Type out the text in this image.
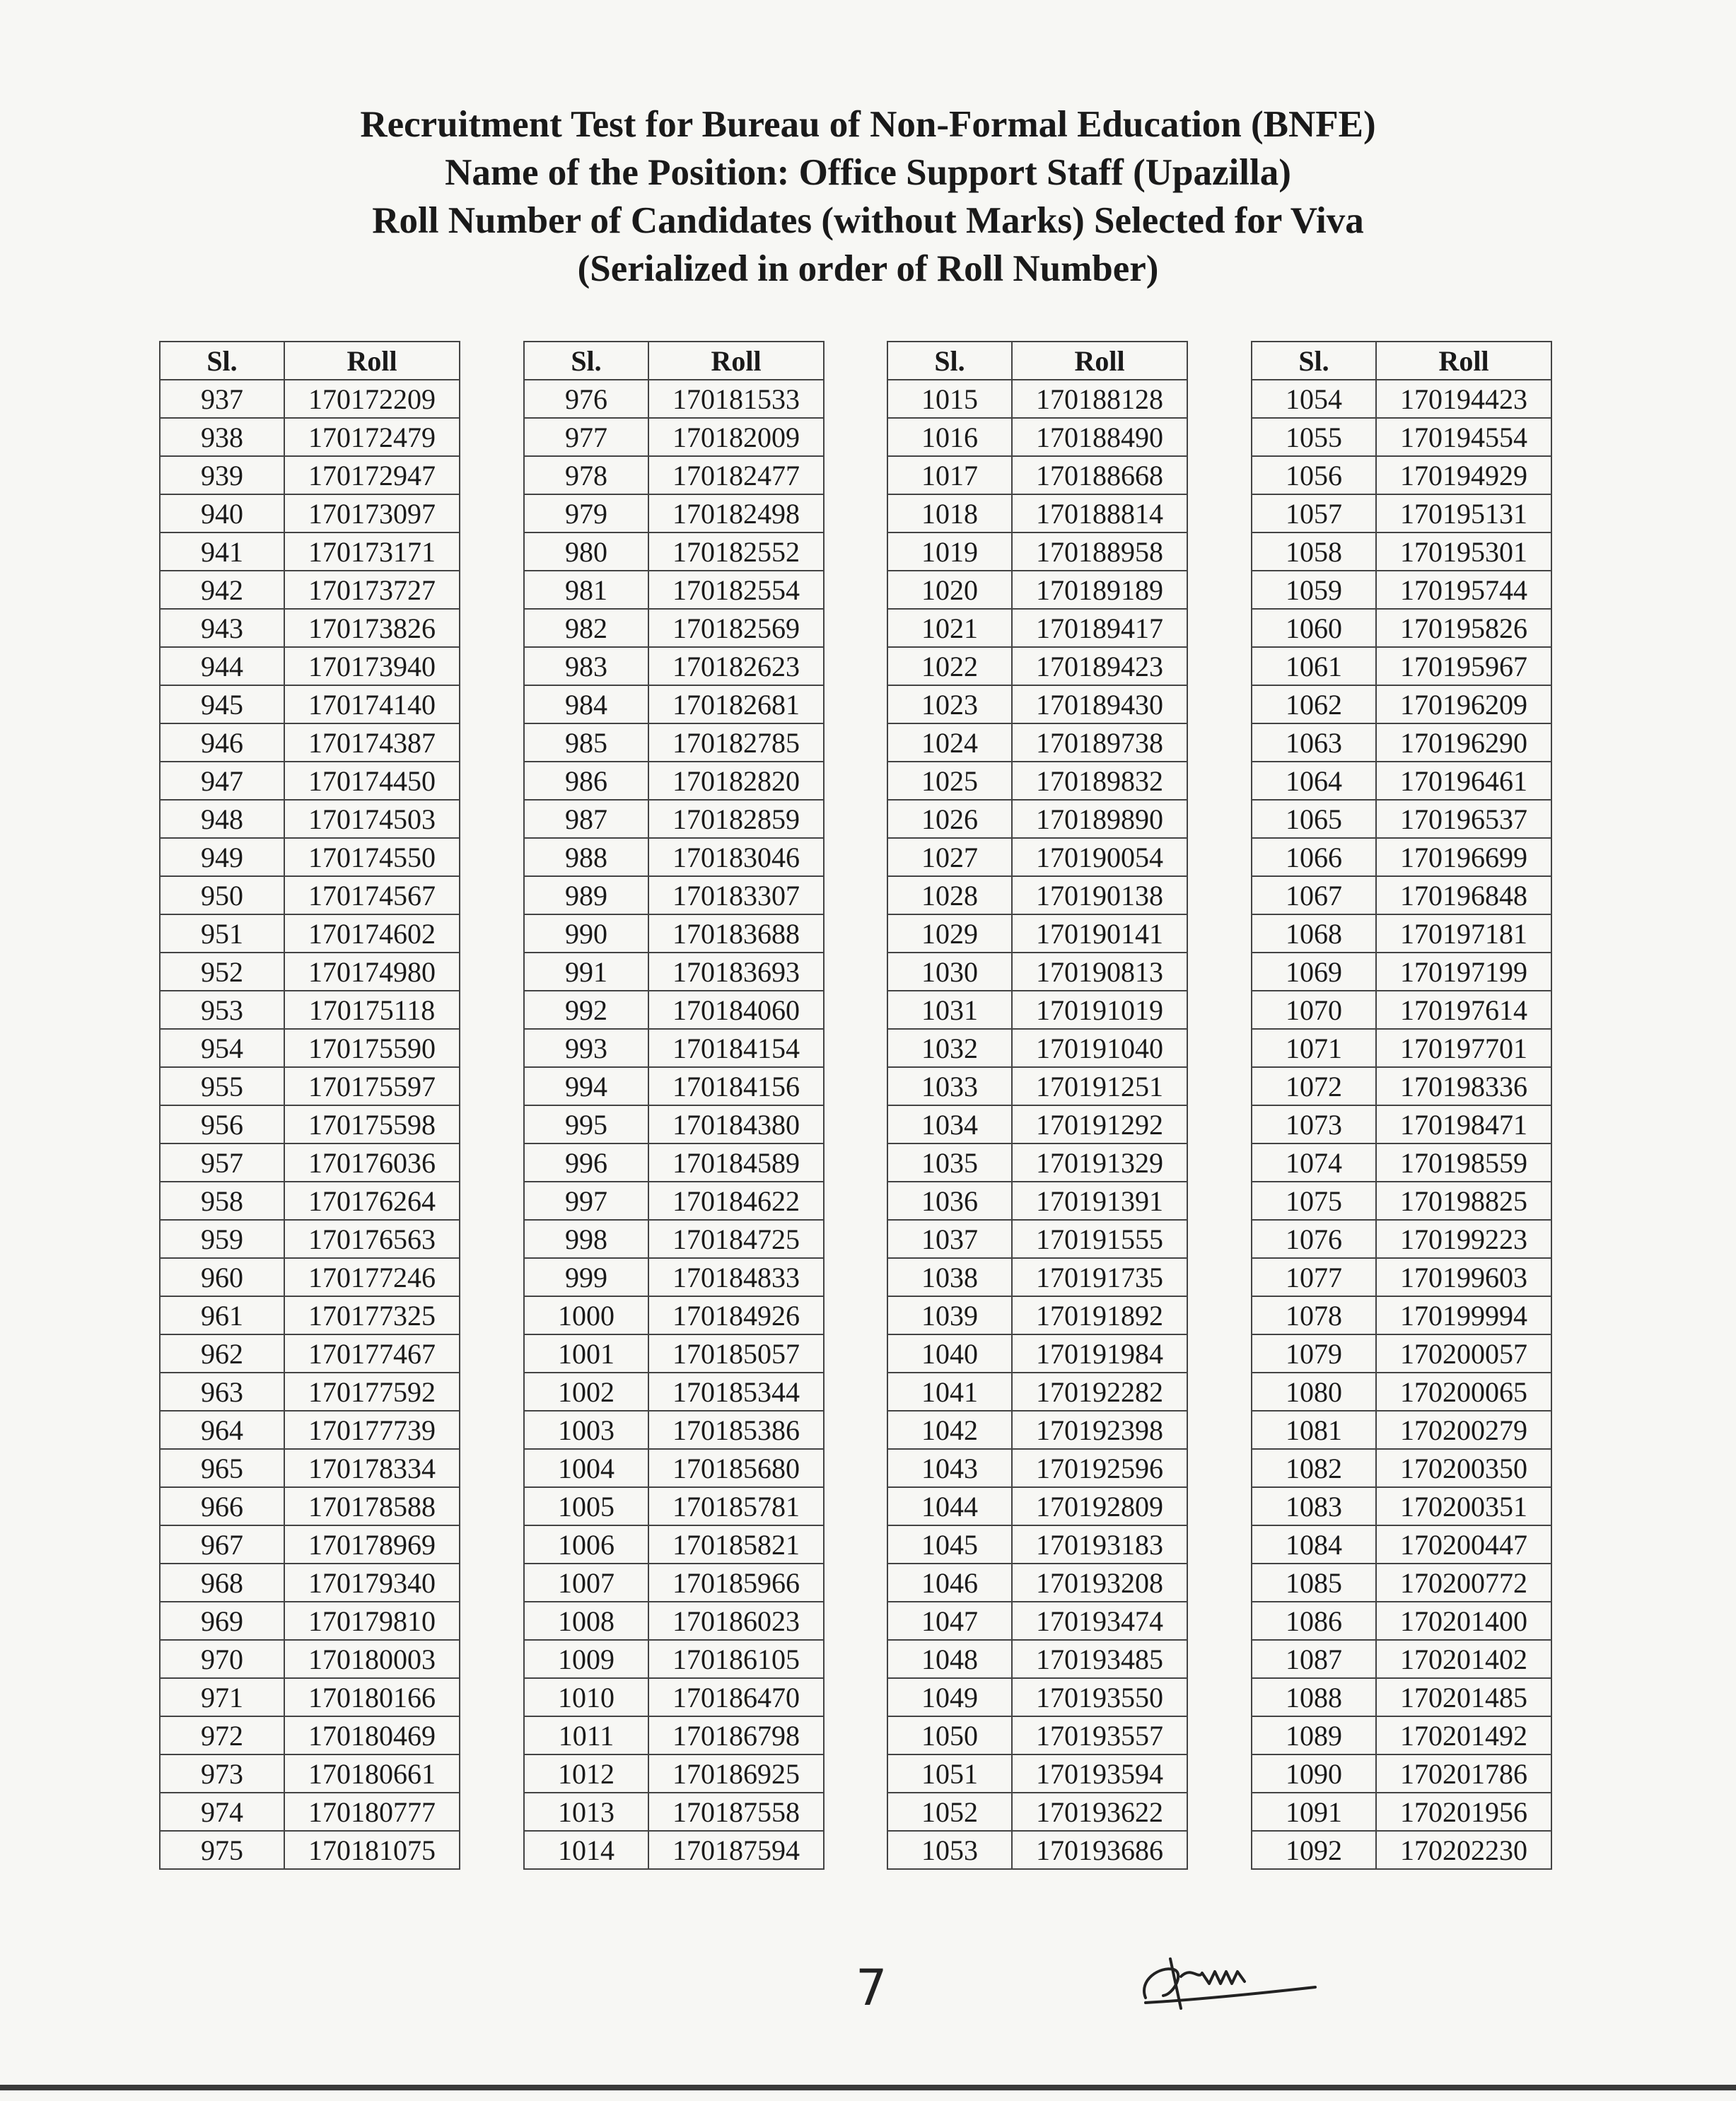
Recruitment Test for Bureau of Non-Formal Education (BNFE)
Name of the Position: Office Support Staff (Upazilla)
Roll Number of Candidates (without Marks) Selected for Viva
(Serialized in order of Roll Number)
Sl.	Roll
937	170172209
938	170172479
939	170172947
940	170173097
941	170173171
942	170173727
943	170173826
944	170173940
945	170174140
946	170174387
947	170174450
948	170174503
949	170174550
950	170174567
951	170174602
952	170174980
953	170175118
954	170175590
955	170175597
956	170175598
957	170176036
958	170176264
959	170176563
960	170177246
961	170177325
962	170177467
963	170177592
964	170177739
965	170178334
966	170178588
967	170178969
968	170179340
969	170179810
970	170180003
971	170180166
972	170180469
973	170180661
974	170180777
975	170181075
Sl.	Roll
976	170181533
977	170182009
978	170182477
979	170182498
980	170182552
981	170182554
982	170182569
983	170182623
984	170182681
985	170182785
986	170182820
987	170182859
988	170183046
989	170183307
990	170183688
991	170183693
992	170184060
993	170184154
994	170184156
995	170184380
996	170184589
997	170184622
998	170184725
999	170184833
1000	170184926
1001	170185057
1002	170185344
1003	170185386
1004	170185680
1005	170185781
1006	170185821
1007	170185966
1008	170186023
1009	170186105
1010	170186470
1011	170186798
1012	170186925
1013	170187558
1014	170187594
Sl.	Roll
1015	170188128
1016	170188490
1017	170188668
1018	170188814
1019	170188958
1020	170189189
1021	170189417
1022	170189423
1023	170189430
1024	170189738
1025	170189832
1026	170189890
1027	170190054
1028	170190138
1029	170190141
1030	170190813
1031	170191019
1032	170191040
1033	170191251
1034	170191292
1035	170191329
1036	170191391
1037	170191555
1038	170191735
1039	170191892
1040	170191984
1041	170192282
1042	170192398
1043	170192596
1044	170192809
1045	170193183
1046	170193208
1047	170193474
1048	170193485
1049	170193550
1050	170193557
1051	170193594
1052	170193622
1053	170193686
Sl.	Roll
1054	170194423
1055	170194554
1056	170194929
1057	170195131
1058	170195301
1059	170195744
1060	170195826
1061	170195967
1062	170196209
1063	170196290
1064	170196461
1065	170196537
1066	170196699
1067	170196848
1068	170197181
1069	170197199
1070	170197614
1071	170197701
1072	170198336
1073	170198471
1074	170198559
1075	170198825
1076	170199223
1077	170199603
1078	170199994
1079	170200057
1080	170200065
1081	170200279
1082	170200350
1083	170200351
1084	170200447
1085	170200772
1086	170201400
1087	170201402
1088	170201485
1089	170201492
1090	170201786
1091	170201956
1092	170202230
7
